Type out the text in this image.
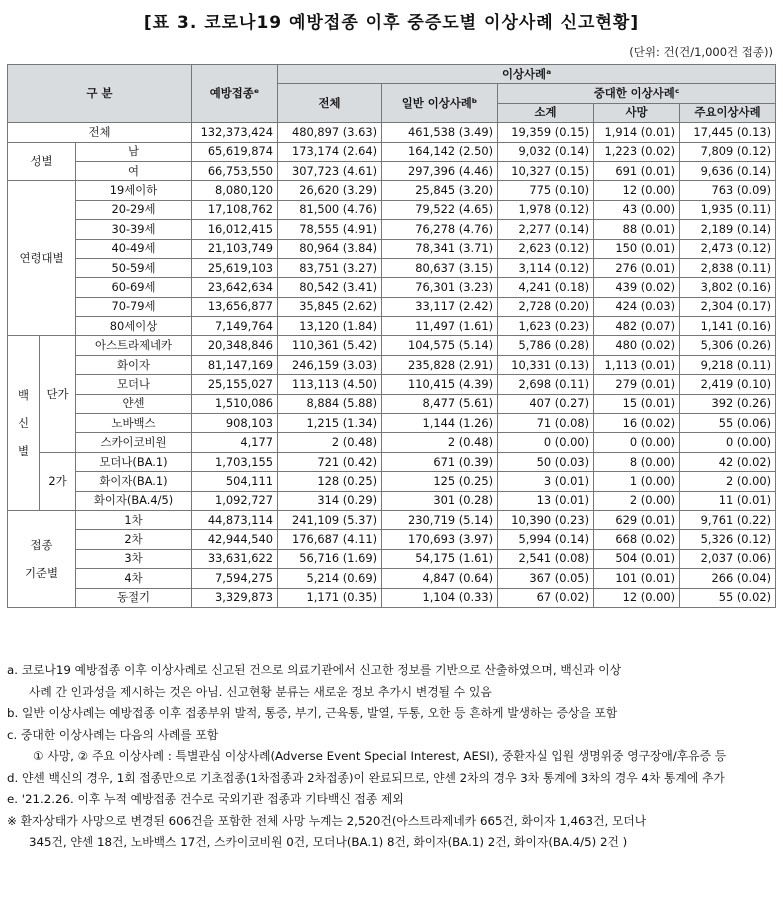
[표 3. 코로나19 예방접종 이후 중증도별 이상사례 신고현황]
(단위: 건(건/1,000건 접종))
구 분			예방접종ᵉ	이상사례ᵃ				
				전체	일반 이상사례ᵇ	중대한 이상사례ᶜ		
						소계	사망	주요이상사례
전체			132,373,424	480,897 (3.63)	461,538 (3.49)	19,359 (0.15)	1,914 (0.01)	17,445 (0.13)
성별		남	65,619,874	173,174 (2.64)	164,142 (2.50)	9,032 (0.14)	1,223 (0.02)	7,809 (0.12)
		여	66,753,550	307,723 (4.61)	297,396 (4.46)	10,327 (0.15)	691 (0.01)	9,636 (0.14)
연령대별		19세이하	8,080,120	26,620 (3.29)	25,845 (3.20)	775 (0.10)	12 (0.00)	763 (0.09)
		20-29세	17,108,762	81,500 (4.76)	79,522 (4.65)	1,978 (0.12)	43 (0.00)	1,935 (0.11)
		30-39세	16,012,415	78,555 (4.91)	76,278 (4.76)	2,277 (0.14)	88 (0.01)	2,189 (0.14)
		40-49세	21,103,749	80,964 (3.84)	78,341 (3.71)	2,623 (0.12)	150 (0.01)	2,473 (0.12)
		50-59세	25,619,103	83,751 (3.27)	80,637 (3.15)	3,114 (0.12)	276 (0.01)	2,838 (0.11)
		60-69세	23,642,634	80,542 (3.41)	76,301 (3.23)	4,241 (0.18)	439 (0.02)	3,802 (0.16)
		70-79세	13,656,877	35,845 (2.62)	33,117 (2.42)	2,728 (0.20)	424 (0.03)	2,304 (0.17)
		80세이상	7,149,764	13,120 (1.84)	11,497 (1.61)	1,623 (0.23)	482 (0.07)	1,141 (0.16)

백
신
별	단가	아스트라제네카	20,348,846	110,361 (5.42)	104,575 (5.14)	5,786 (0.28)	480 (0.02)	5,306 (0.26)
		화이자	81,147,169	246,159 (3.03)	235,828 (2.91)	10,331 (0.13)	1,113 (0.01)	9,218 (0.11)
		모더나	25,155,027	113,113 (4.50)	110,415 (4.39)	2,698 (0.11)	279 (0.01)	2,419 (0.10)
		얀센	1,510,086	8,884 (5.88)	8,477 (5.61)	407 (0.27)	15 (0.01)	392 (0.26)
		노바백스	908,103	1,215 (1.34)	1,144 (1.26)	71 (0.08)	16 (0.02)	55 (0.06)
		스카이코비원	4,177	2 (0.48)	2 (0.48)	0 (0.00)	0 (0.00)	0 (0.00)
	2가	모더나(BA.1)	1,703,155	721 (0.42)	671 (0.39)	50 (0.03)	8 (0.00)	42 (0.02)
		화이자(BA.1)	504,111	128 (0.25)	125 (0.25)	3 (0.01)	1 (0.00)	2 (0.00)
		화이자(BA.4/5)	1,092,727	314 (0.29)	301 (0.28)	13 (0.01)	2 (0.00)	11 (0.01)

접종
기준별		1차	44,873,114	241,109 (5.37)	230,719 (5.14)	10,390 (0.23)	629 (0.01)	9,761 (0.22)
		2차	42,944,540	176,687 (4.11)	170,693 (3.97)	5,994 (0.14)	668 (0.02)	5,326 (0.12)
		3차	33,631,622	56,716 (1.69)	54,175 (1.61)	2,541 (0.08)	504 (0.01)	2,037 (0.06)
		4차	7,594,275	5,214 (0.69)	4,847 (0.64)	367 (0.05)	101 (0.01)	266 (0.04)
		동절기	3,329,873	1,171 (0.35)	1,104 (0.33)	67 (0.02)	12 (0.00)	55 (0.02)
a. 코로나19 예방접종 이후 이상사례로 신고된 건으로 의료기관에서 신고한 정보를 기반으로 산출하였으며, 백신과 이상
사례 간 인과성을 제시하는 것은 아님. 신고현황 분류는 새로운 정보 추가시 변경될 수 있음
b. 일반 이상사례는 예방접종 이후 접종부위 발적, 통증, 부기, 근육통, 발열, 두통, 오한 등 흔하게 발생하는 증상을 포함
c. 중대한 이상사례는 다음의 사례를 포함
① 사망, ② 주요 이상사례 : 특별관심 이상사례(Adverse Event Special Interest, AESI), 중환자실 입원 생명위중 영구장애/후유증 등
d. 얀센 백신의 경우, 1회 접종만으로 기초접종(1차접종과 2차접종)이 완료되므로, 얀센 2차의 경우 3차 통계에 3차의 경우 4차 통계에 추가
e. '21.2.26. 이후 누적 예방접종 건수로 국외기관 접종과 기타백신 접종 제외
※ 환자상태가 사망으로 변경된 606건을 포함한 전체 사망 누계는 2,520건(아스트라제네카 665건, 화이자 1,463건, 모더나
345건, 얀센 18건, 노바백스 17건, 스카이코비원 0건, 모더나(BA.1) 8건, 화이자(BA.1) 2건, 화이자(BA.4/5) 2건 )
